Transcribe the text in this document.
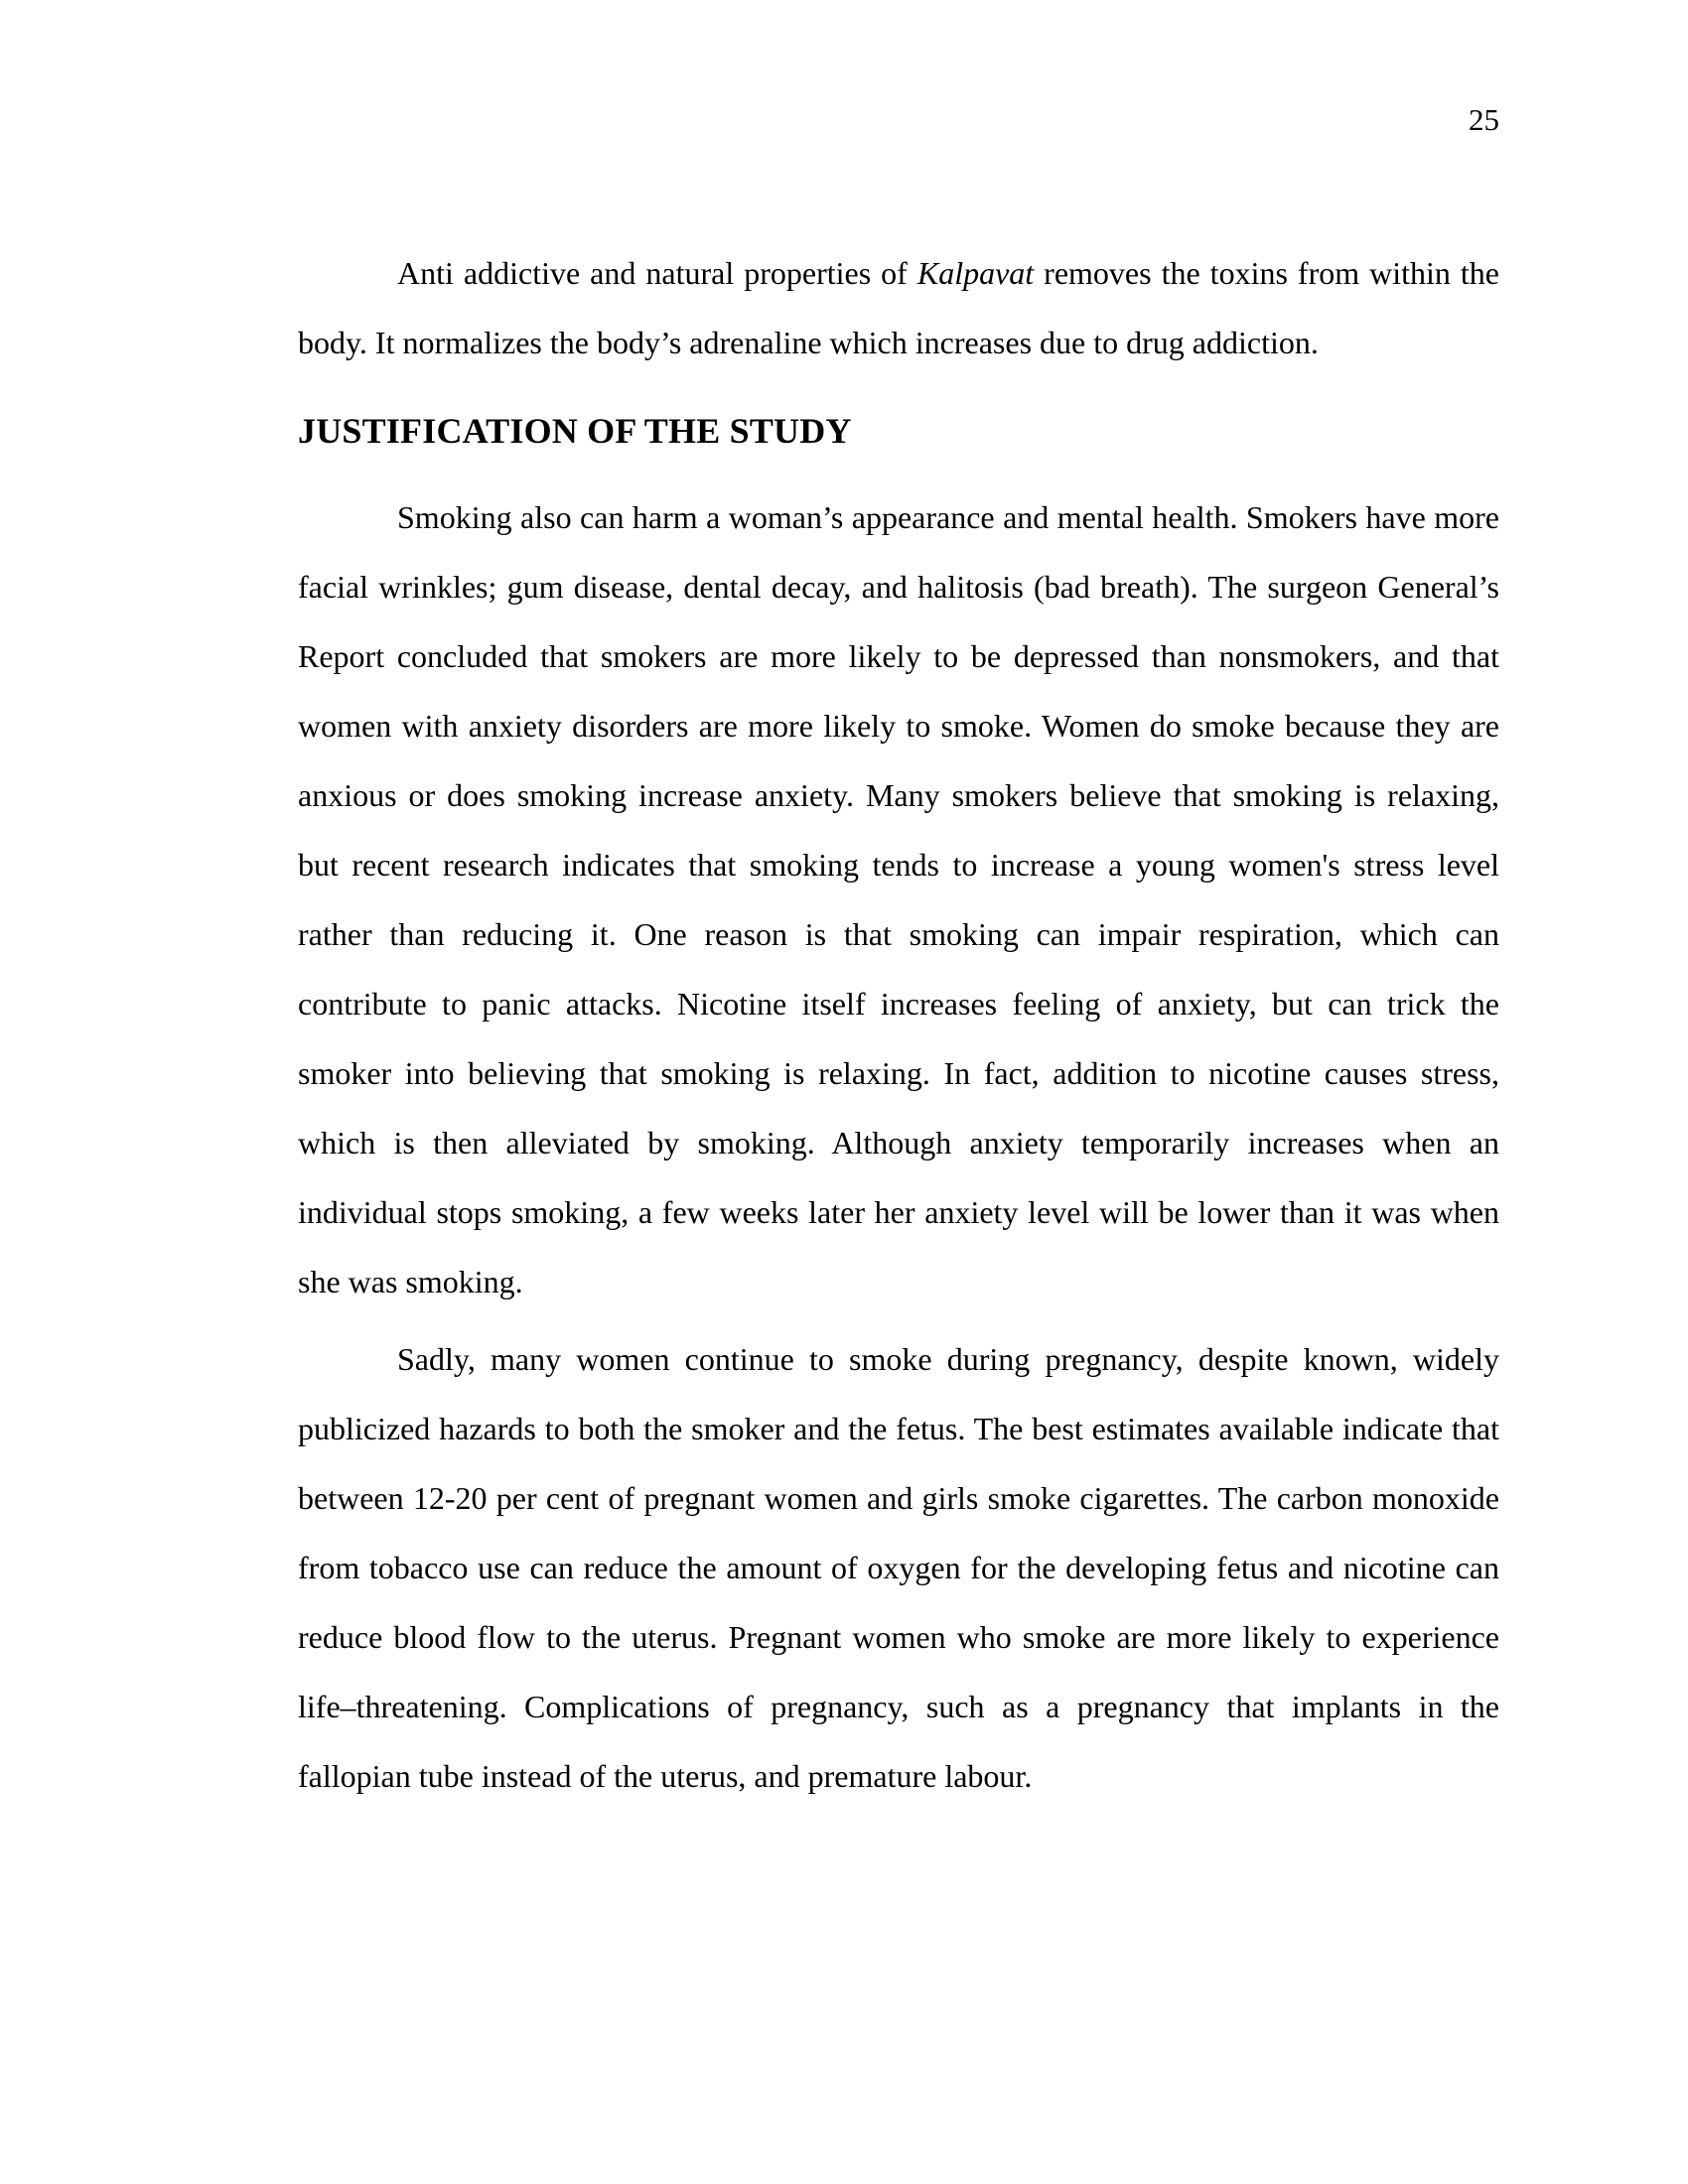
25

Anti addictive and natural properties of Kalpavat removes the toxins from within the body. It normalizes the body’s adrenaline which increases due to drug addiction.

JUSTIFICATION OF THE STUDY

Smoking also can harm a woman’s appearance and mental health. Smokers have more facial wrinkles; gum disease, dental decay, and halitosis (bad breath). The surgeon General’s Report concluded that smokers are more likely to be depressed than nonsmokers, and that women with anxiety disorders are more likely to smoke. Women do smoke because they are anxious or does smoking increase anxiety. Many smokers believe that smoking is relaxing, but recent research indicates that smoking tends to increase a young women's stress level rather than reducing it. One reason is that smoking can impair respiration, which can contribute to panic attacks. Nicotine itself increases feeling of anxiety, but can trick the smoker into believing that smoking is relaxing. In fact, addition to nicotine causes stress, which is then alleviated by smoking. Although anxiety temporarily increases when an individual stops smoking, a few weeks later her anxiety level will be lower than it was when she was smoking.

Sadly, many women continue to smoke during pregnancy, despite known, widely publicized hazards to both the smoker and the fetus. The best estimates available indicate that between 12-20 per cent of pregnant women and girls smoke cigarettes. The carbon monoxide from tobacco use can reduce the amount of oxygen for the developing fetus and nicotine can reduce blood flow to the uterus. Pregnant women who smoke are more likely to experience life–threatening. Complications of pregnancy, such as a pregnancy that implants in the fallopian tube instead of the uterus, and premature labour.
